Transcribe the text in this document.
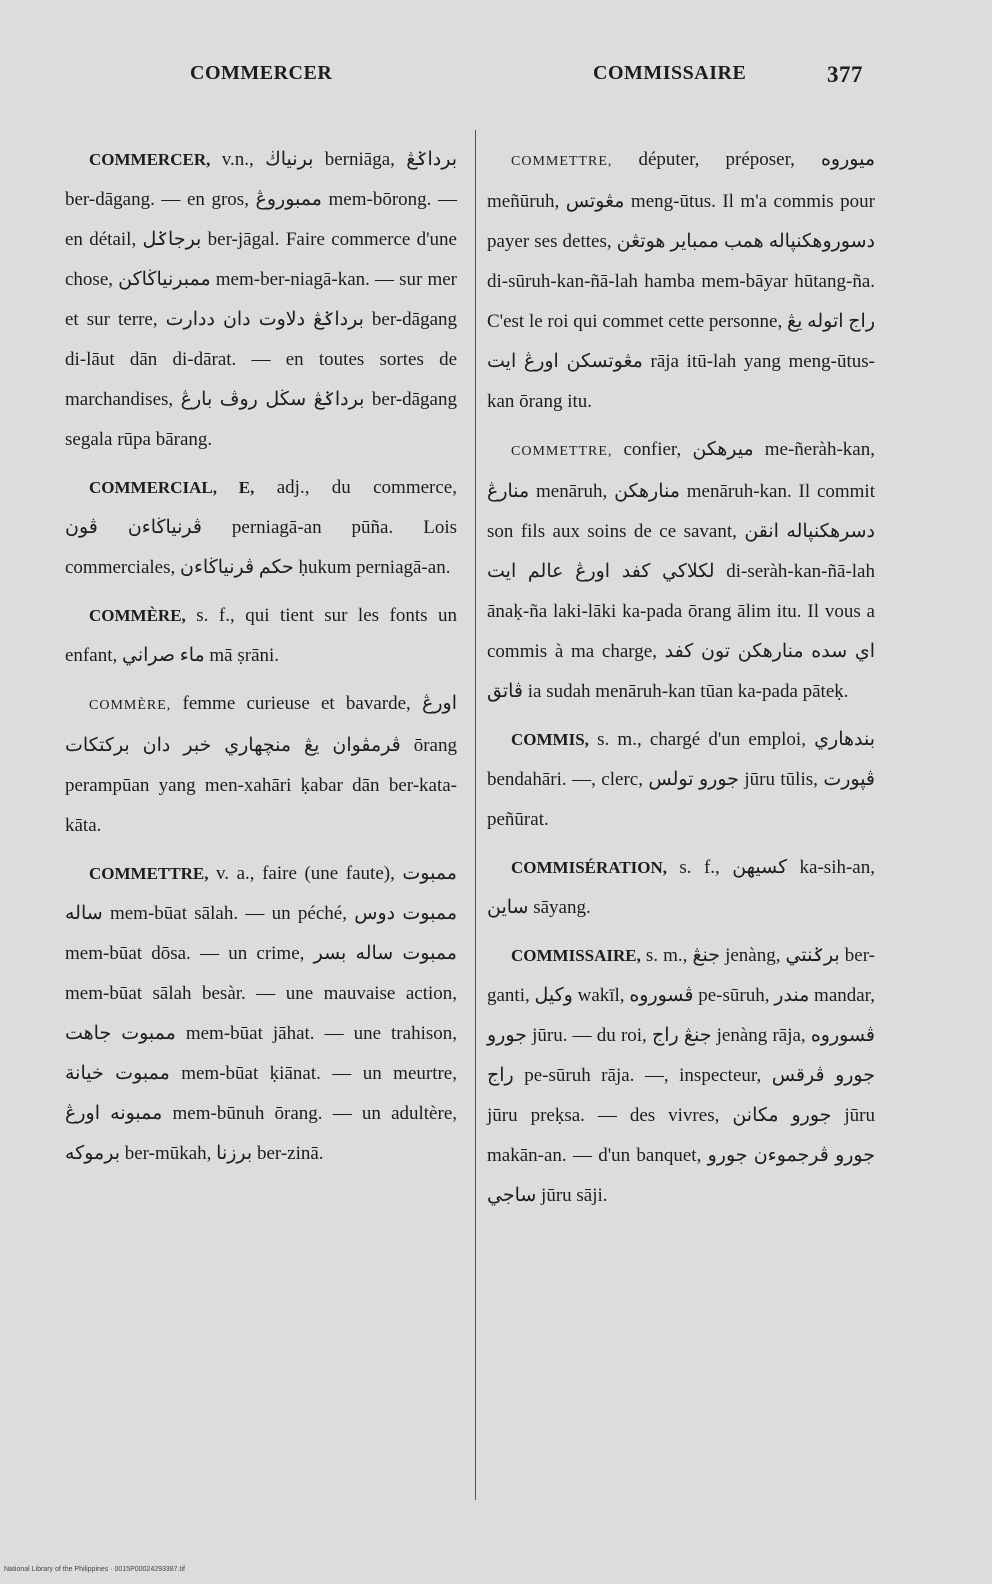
COMMERCER	COMMISSAIRE	377

COMMERCER, v.n., برنياڬ berniāga, برداݢڠ ber-dāgang. — en gros, ممبوروڠ mem-bōrong. — en détail, برجاݢل ber-jāgal. Faire commerce d'une chose, ممبرنياڬاكن mem-ber-niagā-kan. — sur mer et sur terre, برداݢڠ دلاوت دان ددارت ber-dāgang di-lāut dān di-dārat. — en toutes sortes de marchandises, برداݢڠ سڬل روڤ بارڠ ber-dāgang segala rūpa bārang.

COMMERCIAL, E, adj., du commerce, ڤرنياڬاءن ڤون perniagā-an pūña. Lois commerciales, حكم ڤرنياڬاءن ḥukum perniagā-an.

COMMÈRE, s. f., qui tient sur les fonts un enfant, ماء صراني mā ṣrāni.

COMMÈRE, femme curieuse et bavarde, اورڠ ڤرمڤوان يڠ منچهاري خبر دان بركتكات ōrang perampūan yang men-xahāri ḳabar dān ber-kata-kāta.

COMMETTRE, v. a., faire (une faute), ممبوت ساله mem-būat sālah. — un péché, ممبوت دوس mem-būat dōsa. — un crime, ممبوت ساله بسر mem-būat sālah besàr. — une mauvaise action, ممبوت جاهت mem-būat jāhat. — une trahison, ممبوت خيانة mem-būat ḳiānat. — un meurtre, ممبونه اورڠ mem-būnuh ōrang. — un adultère, برموكه ber-mūkah, برزنا ber-zinā.

COMMETTRE, députer, préposer, ميوروه meñūruh, مڠوتس meng-ūtus. Il m'a commis pour payer ses dettes, دسوروهكنڽاله همب ممباير هوتڠن di-sūruh-kan-ñā-lah hamba mem-bāyar hūtang-ña. C'est le roi qui commet cette personne, راج اتوله يڠ مڠوتسكن اورڠ ايت rāja itū-lah yang meng-ūtus-kan ōrang itu.

COMMETTRE, confier, ميرهكن me-ñeràh-kan, منارڠ menāruh, منارهكن menāruh-kan. Il commit son fils aux soins de ce savant, دسرهكنڽاله انقن لكلاكي كفد اورڠ عالم ايت di-seràh-kan-ñā-lah ānaḳ-ña laki-lāki ka-pada ōrang ālim itu. Il vous a commis à ma charge, اي سده منارهكن تون كفد ڤاتق ia sudah menāruh-kan tūan ka-pada pāteḳ.

COMMIS, s. m., chargé d'un emploi, بندهاري bendahāri. —, clerc, جورو تولس jūru tūlis, ڤڽورت peñūrat.

COMMISÉRATION, s. f., كسيهن ka-sih-an, ساين sāyang.

COMMISSAIRE, s. m., جنڠ jenàng, برݢنتي ber-ganti, وكيل wakīl, ڤسوروه pe-sūruh, مندر mandar, جورو jūru. — du roi, جنڠ راج jenàng rāja, ڤسوروه راج pe-sūruh rāja. —, inspecteur, جورو ڤرقس jūru preḳsa. — des vivres, جورو مكانن jūru makān-an. — d'un banquet, جورو ڤرجموءن جورو ساجي jūru sāji.

National Library of the Philippines · 0015P00024293387.tif
